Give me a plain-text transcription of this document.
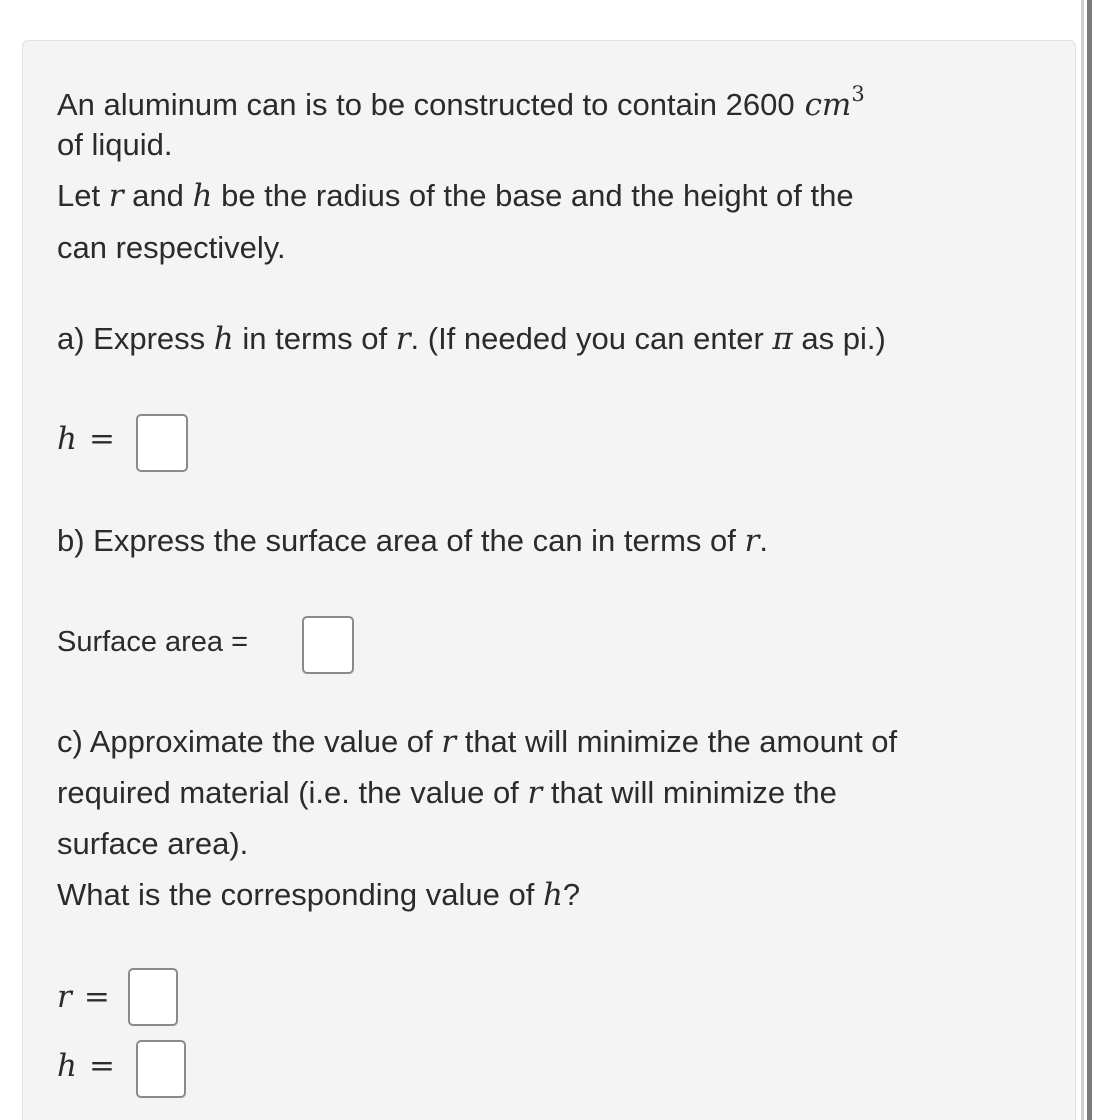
An aluminum can is to be constructed to contain 2600 $cm^3$
of liquid.
Let r and h be the radius of the base and the height of the
can respectively.
a) Express h in terms of r. (If needed you can enter π as pi.)
h =
b) Express the surface area of the can in terms of r.
Surface area =
c) Approximate the value of r that will minimize the amount of
required material (i.e. the value of r that will minimize the
surface area).
What is the corresponding value of h?
r =
h =
